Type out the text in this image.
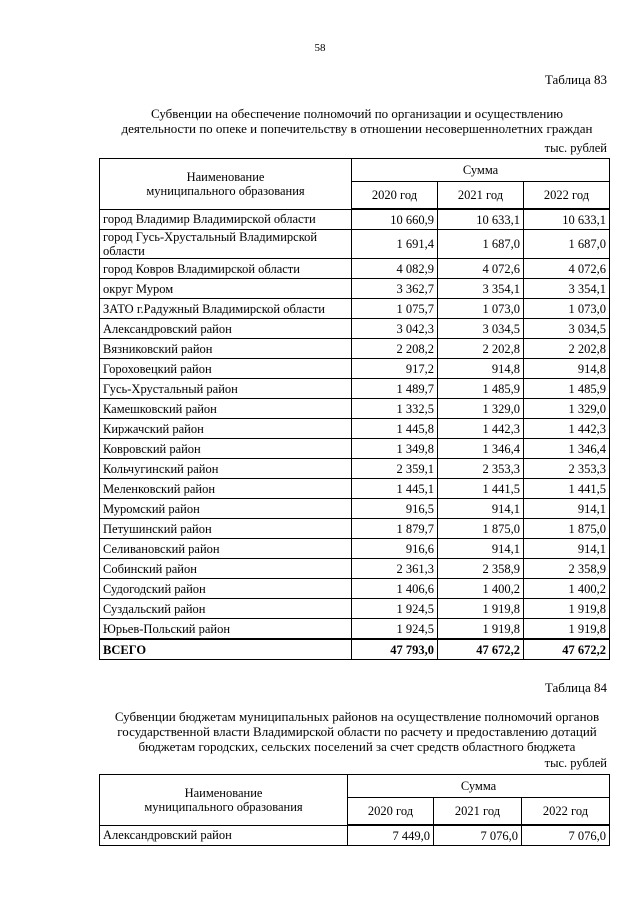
58
Таблица 83
Субвенции на обеспечение полномочий по организации и осуществлению
деятельности по опеке и попечительству в отношении несовершеннолетних граждан
тыс. рублей
Наименование
муниципального образования	Сумма		
	2020 год	2021 год	2022 год
город Владимир Владимирской области	10 660,9	10 633,1	10 633,1
город Гусь-Хрустальный Владимирской области	1 691,4	1 687,0	1 687,0
город Ковров Владимирской области	4 082,9	4 072,6	4 072,6
округ Муром	3 362,7	3 354,1	3 354,1
ЗАТО г.Радужный Владимирской области	1 075,7	1 073,0	1 073,0
Александровский район	3 042,3	3 034,5	3 034,5
Вязниковский район	2 208,2	2 202,8	2 202,8
Гороховецкий район	917,2	914,8	914,8
Гусь-Хрустальный район	1 489,7	1 485,9	1 485,9
Камешковский район	1 332,5	1 329,0	1 329,0
Киржачский район	1 445,8	1 442,3	1 442,3
Ковровский район	1 349,8	1 346,4	1 346,4
Кольчугинский район	2 359,1	2 353,3	2 353,3
Меленковский район	1 445,1	1 441,5	1 441,5
Муромский район	916,5	914,1	914,1
Петушинский район	1 879,7	1 875,0	1 875,0
Селивановский район	916,6	914,1	914,1
Собинский район	2 361,3	2 358,9	2 358,9
Судогодский район	1 406,6	1 400,2	1 400,2
Суздальский район	1 924,5	1 919,8	1 919,8
Юрьев-Польский район	1 924,5	1 919,8	1 919,8
ВСЕГО	47 793,0	47 672,2	47 672,2
Таблица 84
Субвенции бюджетам муниципальных районов на осуществление полномочий органов
государственной власти Владимирской области по расчету и предоставлению дотаций
бюджетам городских, сельских поселений за счет средств областного бюджета
тыс. рублей
Наименование
муниципального образования	Сумма		
	2020 год	2021 год	2022 год
Александровский район	7 449,0	7 076,0	7 076,0
